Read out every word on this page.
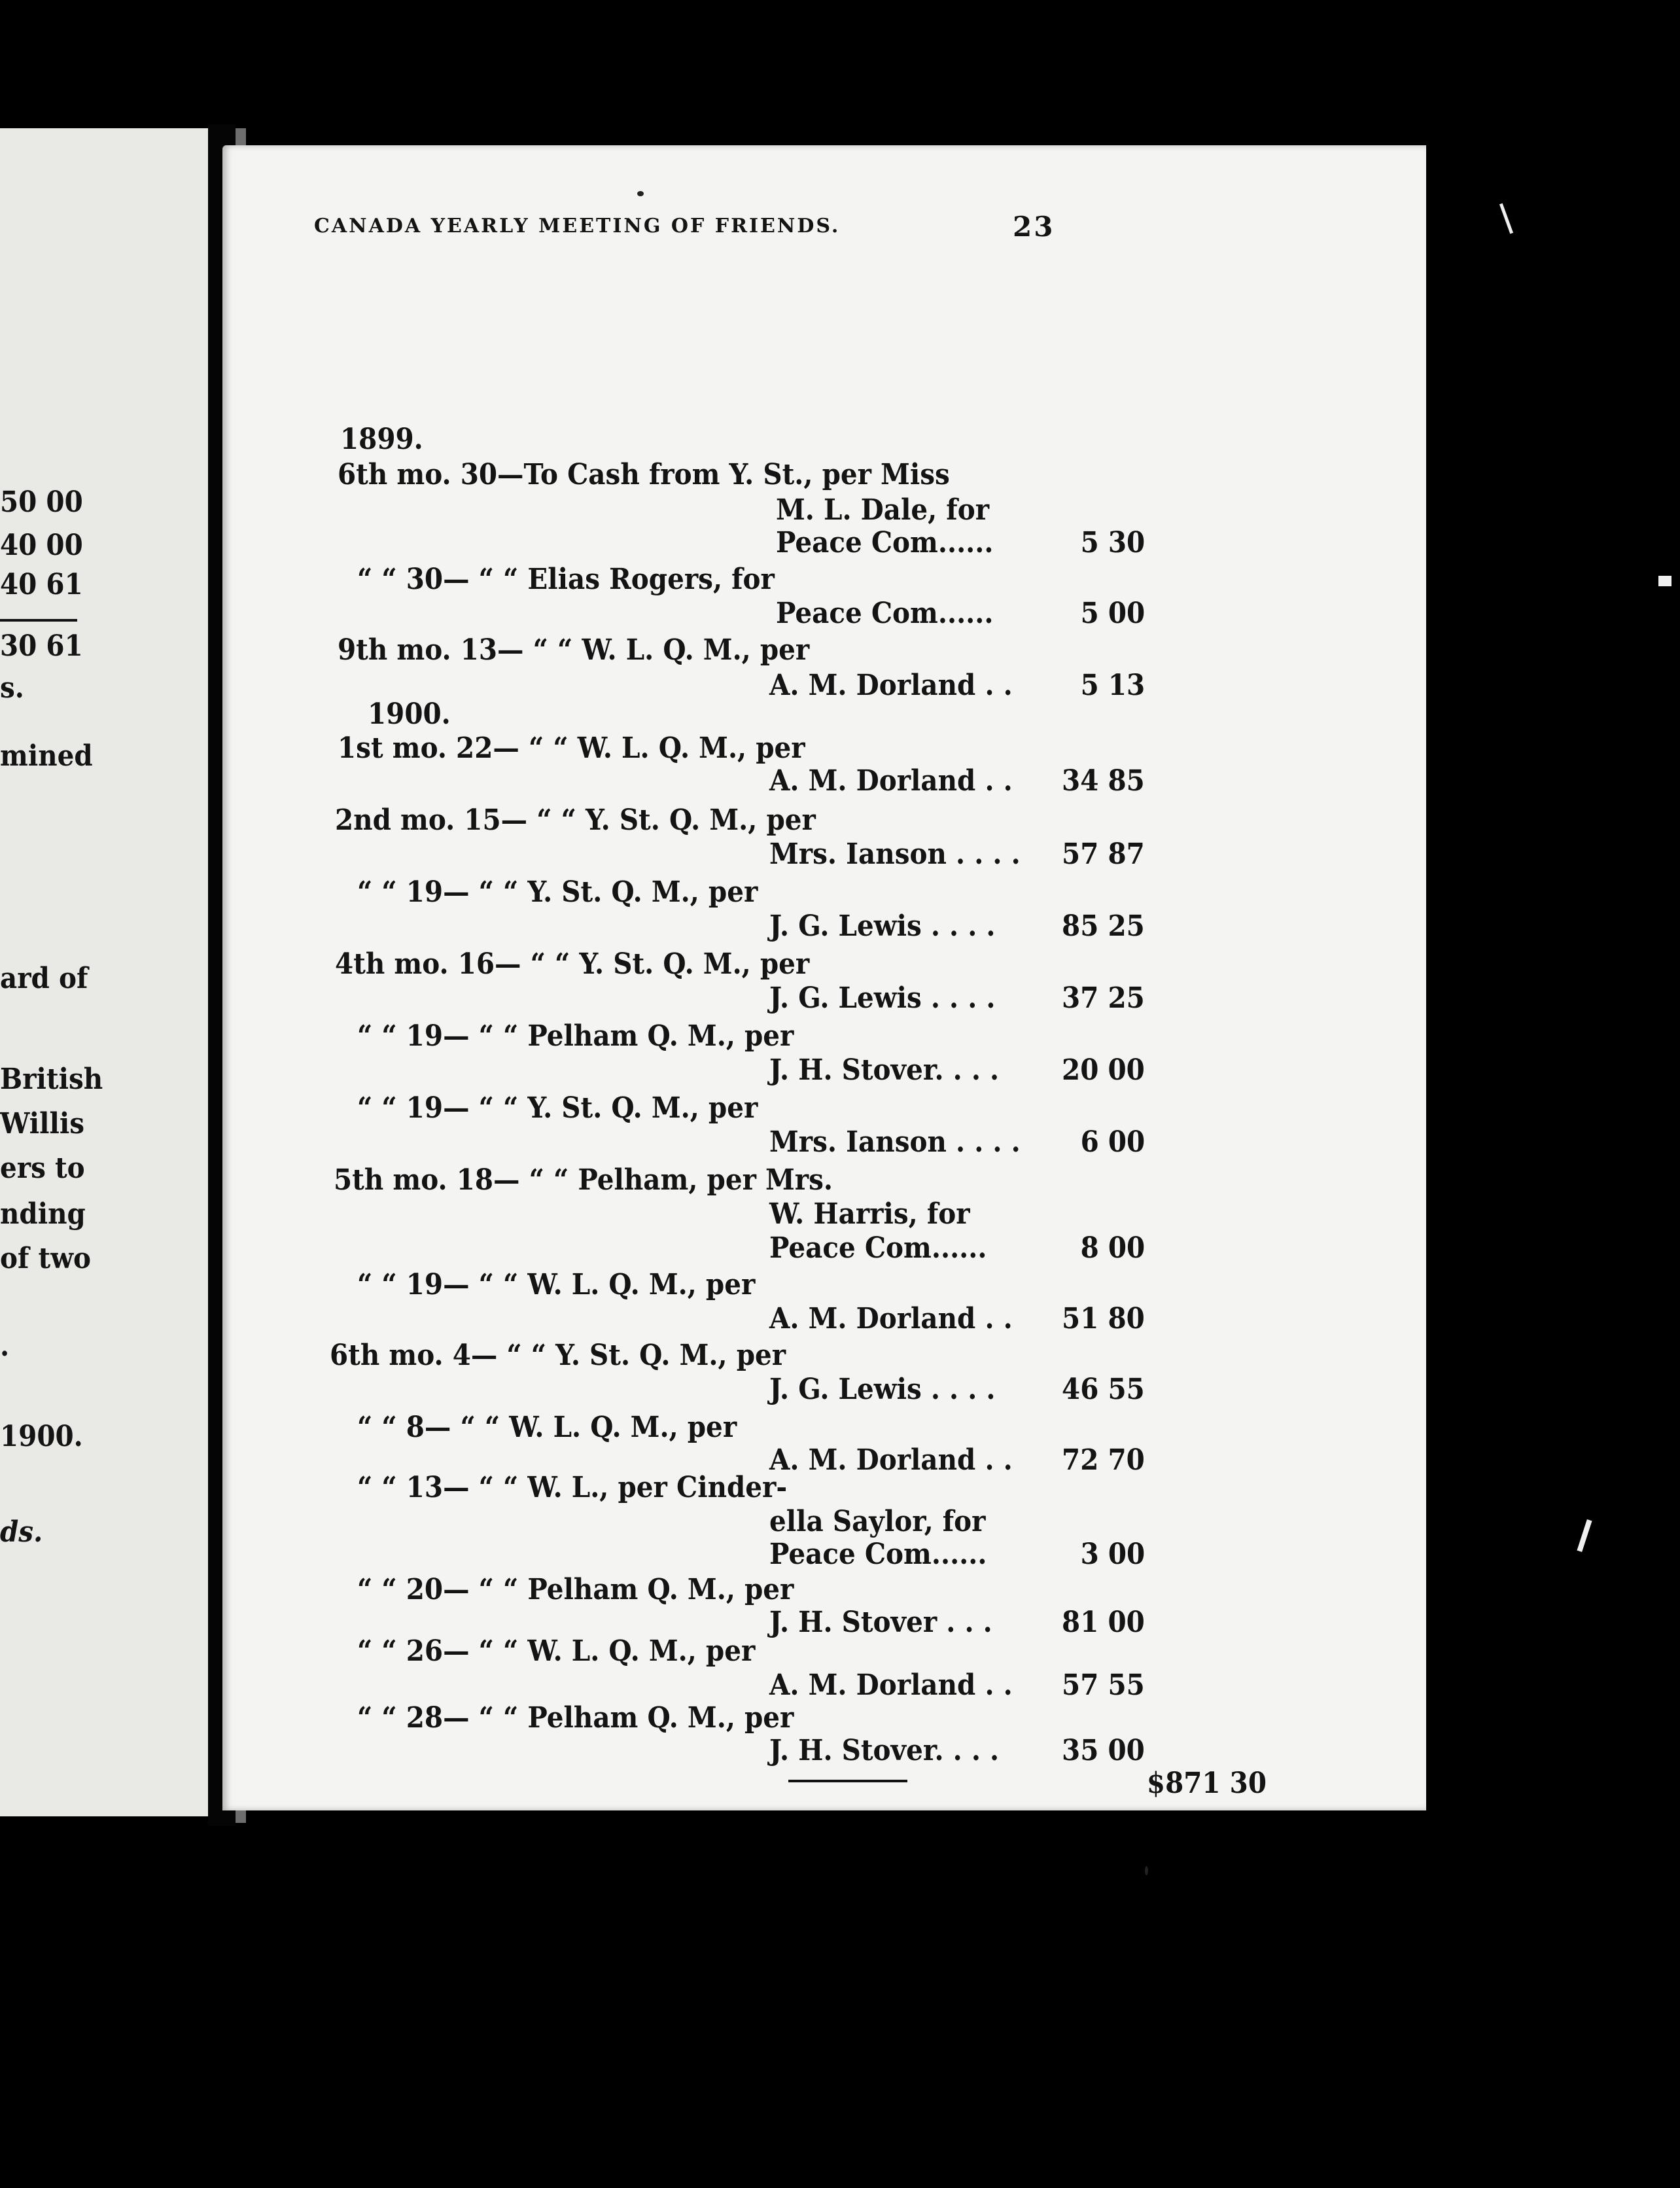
50 00
40 00
40 61
30 61
s.
mined
ard of
British
Willis
ers to
nding
of two
.
1900.
ds.
CANADA YEARLY MEETING OF FRIENDS.	23
1899.
6th mo. 30—To Cash from Y. St., per Miss
M. L. Dale, for
Peace Com......
“ “ 30— “ “ Elias Rogers, for
Peace Com......
9th mo. 13— “ “ W. L. Q. M., per
A. M. Dorland . .
1900.
1st mo. 22— “ “ W. L. Q. M., per
A. M. Dorland . .
2nd mo. 15— “ “ Y. St. Q. M., per
Mrs. Ianson . . . .
“ “ 19— “ “ Y. St. Q. M., per
J. G. Lewis . . . .
4th mo. 16— “ “ Y. St. Q. M., per
J. G. Lewis . . . .
“ “ 19— “ “ Pelham Q. M., per
J. H. Stover. . . .
“ “ 19— “ “ Y. St. Q. M., per
Mrs. Ianson . . . .
5th mo. 18— “ “ Pelham, per Mrs.
W. Harris, for
Peace Com......
“ “ 19— “ “ W. L. Q. M., per
A. M. Dorland . .
6th mo. 4— “ “ Y. St. Q. M., per
J. G. Lewis . . . .
“ “ 8— “ “ W. L. Q. M., per
A. M. Dorland . .
“ “ 13— “ “ W. L., per Cinder-
ella Saylor, for
Peace Com......
“ “ 20— “ “ Pelham Q. M., per
J. H. Stover . . .
“ “ 26— “ “ W. L. Q. M., per
A. M. Dorland . .
“ “ 28— “ “ Pelham Q. M., per
J. H. Stover. . . .
5 30
5 00
5 13
34 85
57 87
85 25
37 25
20 00
6 00
8 00
51 80
46 55
72 70
3 00
81 00
57 55
35 00
$871 30
